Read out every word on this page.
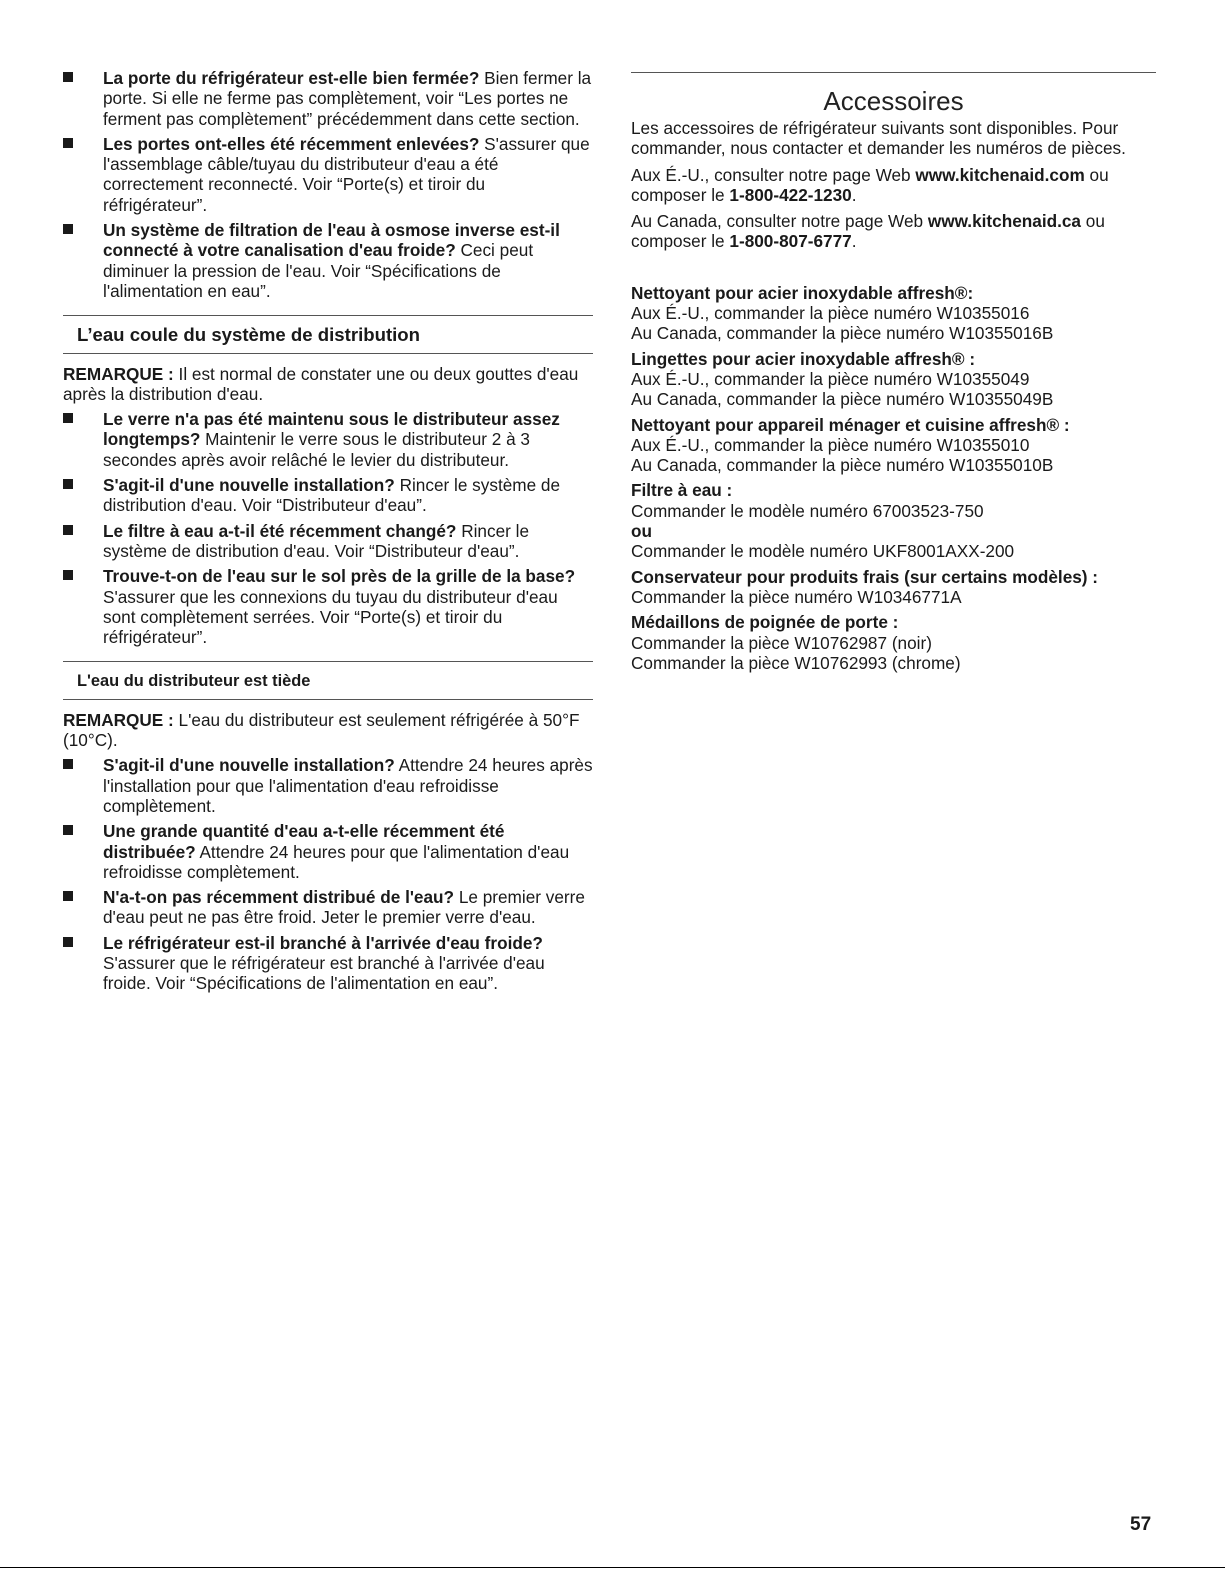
La porte du réfrigérateur est-elle bien fermée? Bien fermer la porte. Si elle ne ferme pas complètement, voir “Les portes ne ferment pas complètement” précédemment dans cette section.
Les portes ont-elles été récemment enlevées? S'assurer que l'assemblage câble/tuyau du distributeur d'eau a été correctement reconnecté. Voir “Porte(s) et tiroir du réfrigérateur”.
Un système de filtration de l'eau à osmose inverse est-il connecté à votre canalisation d'eau froide? Ceci peut diminuer la pression de l'eau. Voir “Spécifications de l'alimentation en eau”.
L’eau coule du système de distribution
REMARQUE : Il est normal de constater une ou deux gouttes d'eau après la distribution d'eau.
Le verre n'a pas été maintenu sous le distributeur assez longtemps? Maintenir le verre sous le distributeur 2 à 3 secondes après avoir relâché le levier du distributeur.
S'agit-il d'une nouvelle installation? Rincer le système de distribution d'eau. Voir “Distributeur d'eau”.
Le filtre à eau a-t-il été récemment changé? Rincer le système de distribution d'eau. Voir “Distributeur d'eau”.
Trouve-t-on de l'eau sur le sol près de la grille de la base? S'assurer que les connexions du tuyau du distributeur d'eau sont complètement serrées. Voir “Porte(s) et tiroir du réfrigérateur”.
L'eau du distributeur est tiède
REMARQUE : L'eau du distributeur est seulement réfrigérée à 50°F (10°C).
S'agit-il d'une nouvelle installation? Attendre 24 heures après l'installation pour que l'alimentation d'eau refroidisse complètement.
Une grande quantité d'eau a-t-elle récemment été distribuée? Attendre 24 heures pour que l'alimentation d'eau refroidisse complètement.
N'a-t-on pas récemment distribué de l'eau? Le premier verre d'eau peut ne pas être froid. Jeter le premier verre d'eau.
Le réfrigérateur est-il branché à l'arrivée d'eau froide? S'assurer que le réfrigérateur est branché à l'arrivée d'eau froide. Voir “Spécifications de l'alimentation en eau”.
Accessoires
Les accessoires de réfrigérateur suivants sont disponibles. Pour commander, nous contacter et demander les numéros de pièces.
Aux É.-U., consulter notre page Web www.kitchenaid.com ou composer le 1-800-422-1230.
Au Canada, consulter notre page Web www.kitchenaid.ca ou composer le 1-800-807-6777.
Nettoyant pour acier inoxydable affresh®:
Aux É.-U., commander la pièce numéro W10355016
Au Canada, commander la pièce numéro W10355016B
Lingettes pour acier inoxydable affresh® :
Aux É.-U., commander la pièce numéro W10355049
Au Canada, commander la pièce numéro W10355049B
Nettoyant pour appareil ménager et cuisine affresh® :
Aux É.-U., commander la pièce numéro W10355010
Au Canada, commander la pièce numéro W10355010B
Filtre à eau :
Commander le modèle numéro 67003523-750
ou
Commander le modèle numéro UKF8001AXX-200
Conservateur pour produits frais (sur certains modèles) :
Commander la pièce numéro W10346771A
Médaillons de poignée de porte :
Commander la pièce W10762987 (noir)
Commander la pièce W10762993 (chrome)
57
